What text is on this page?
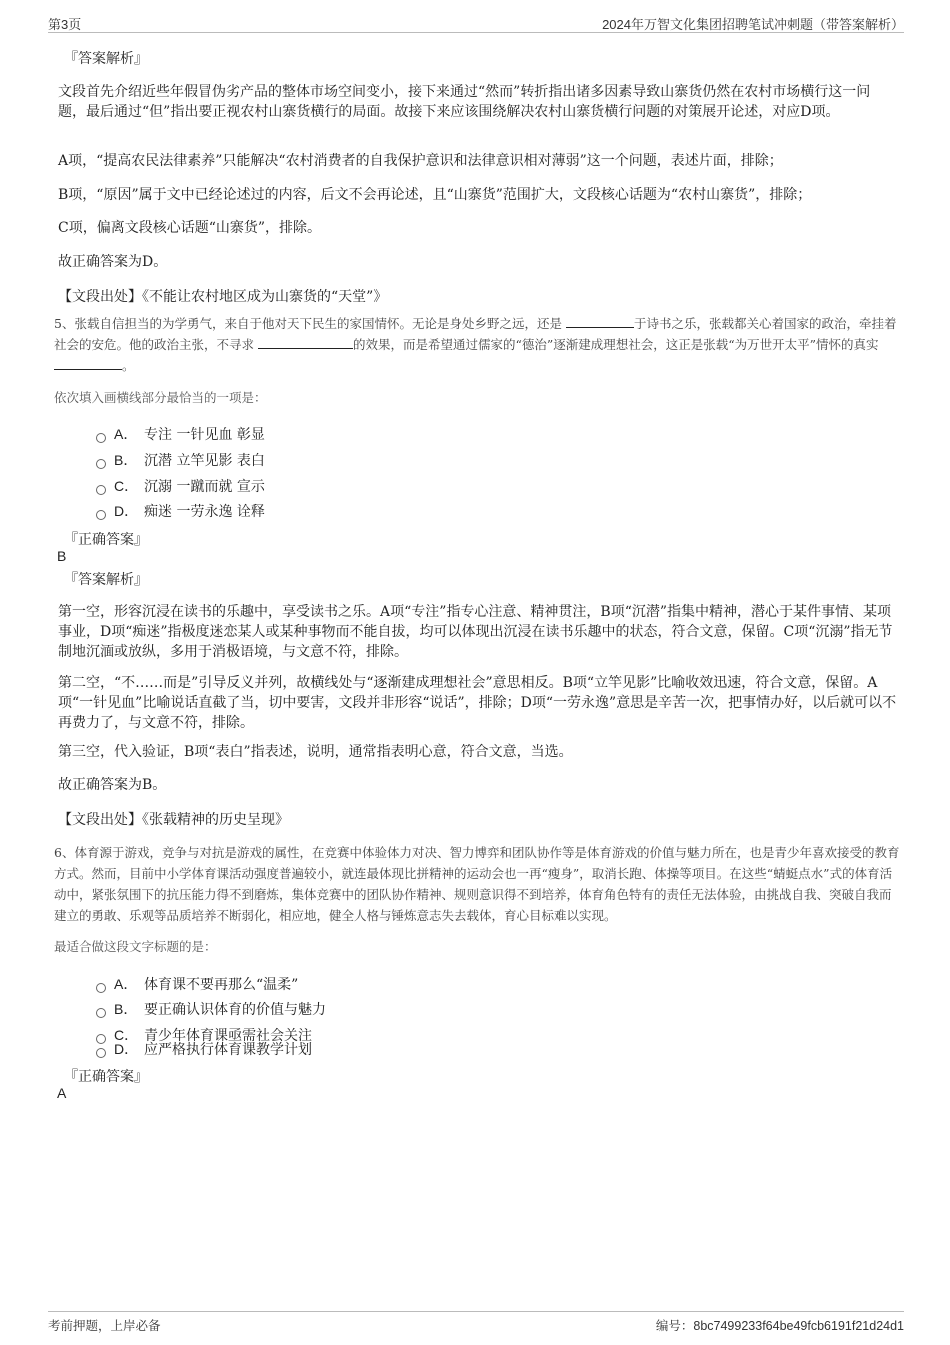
第3页	2024年万智文化集团招聘笔试冲刺题（带答案解析）
『答案解析』
文段首先介绍近些年假冒伪劣产品的整体市场空间变小，接下来通过“然而”转折指出诸多因素导致山寨货仍然在农村市场横行这一问题，最后通过“但”指出要正视农村山寨货横行的局面。故接下来应该围绕解决农村山寨货横行问题的对策展开论述，对应D项。
A项，“提高农民法律素养”只能解决“农村消费者的自我保护意识和法律意识相对薄弱”这一个问题，表述片面，排除；
B项，“原因”属于文中已经论述过的内容，后文不会再论述，且“山寨货”范围扩大，文段核心话题为“农村山寨货”，排除；
C项，偏离文段核心话题“山寨货”，排除。
故正确答案为D。
【文段出处】《不能让农村地区成为山寨货的“天堂”》
5、张载自信担当的为学勇气，来自于他对天下民生的家国情怀。无论是身处乡野之远，还是	于诗书之乐，张载都关心着国家的政治，牵挂着社会的安危。他的政治主张，不寻求	的效果，而是希望通过儒家的“德治”逐渐建成理想社会，这正是张载“为万世开太平”情怀的真实 。
依次填入画横线部分最恰当的一项是：
A． 专注 一针见血 彰显
B． 沉潜 立竿见影 表白
C． 沉溺 一蹴而就 宣示
D． 痴迷 一劳永逸 诠释
『正确答案』
B
『答案解析』
第一空，形容沉浸在读书的乐趣中，享受读书之乐。A项“专注”指专心注意、精神贯注，B项“沉潜”指集中精神，潜心于某件事情、某项事业，D项“痴迷”指极度迷恋某人或某种事物而不能自拔，均可以体现出沉浸在读书乐趣中的状态，符合文意，保留。C项“沉溺”指无节制地沉湎或放纵，多用于消极语境，与文意不符，排除。
第二空，“不……而是”引导反义并列，故横线处与“逐渐建成理想社会”意思相反。B项“立竿见影”比喻收效迅速，符合文意，保留。A项“一针见血”比喻说话直截了当，切中要害，文段并非形容“说话”，排除；D项“一劳永逸”意思是辛苦一次，把事情办好，以后就可以不再费力了，与文意不符，排除。
第三空，代入验证，B项“表白”指表述，说明，通常指表明心意，符合文意，当选。
故正确答案为B。
【文段出处】《张载精神的历史呈现》
6、体育源于游戏，竞争与对抗是游戏的属性，在竞赛中体验体力对决、智力博弈和团队协作等是体育游戏的价值与魅力所在，也是青少年喜欢接受的教育方式。然而，目前中小学体育课活动强度普遍较小，就连最体现比拼精神的运动会也一再“瘦身”，取消长跑、体操等项目。在这些“蜻蜓点水”式的体育活动中，紧张氛围下的抗压能力得不到磨炼，集体竞赛中的团队协作精神、规则意识得不到培养，体育角色特有的责任无法体验，由挑战自我、突破自我而建立的勇敢、乐观等品质培养不断弱化，相应地，健全人格与锤炼意志失去载体，育心目标难以实现。
最适合做这段文字标题的是：
A． 体育课不要再那么“温柔”
B． 要正确认识体育的价值与魅力
C． 青少年体育课亟需社会关注
D． 应严格执行体育课教学计划
『正确答案』
A
考前押题，上岸必备	编号：8bc7499233f64be49fcb6191f21d24d1
